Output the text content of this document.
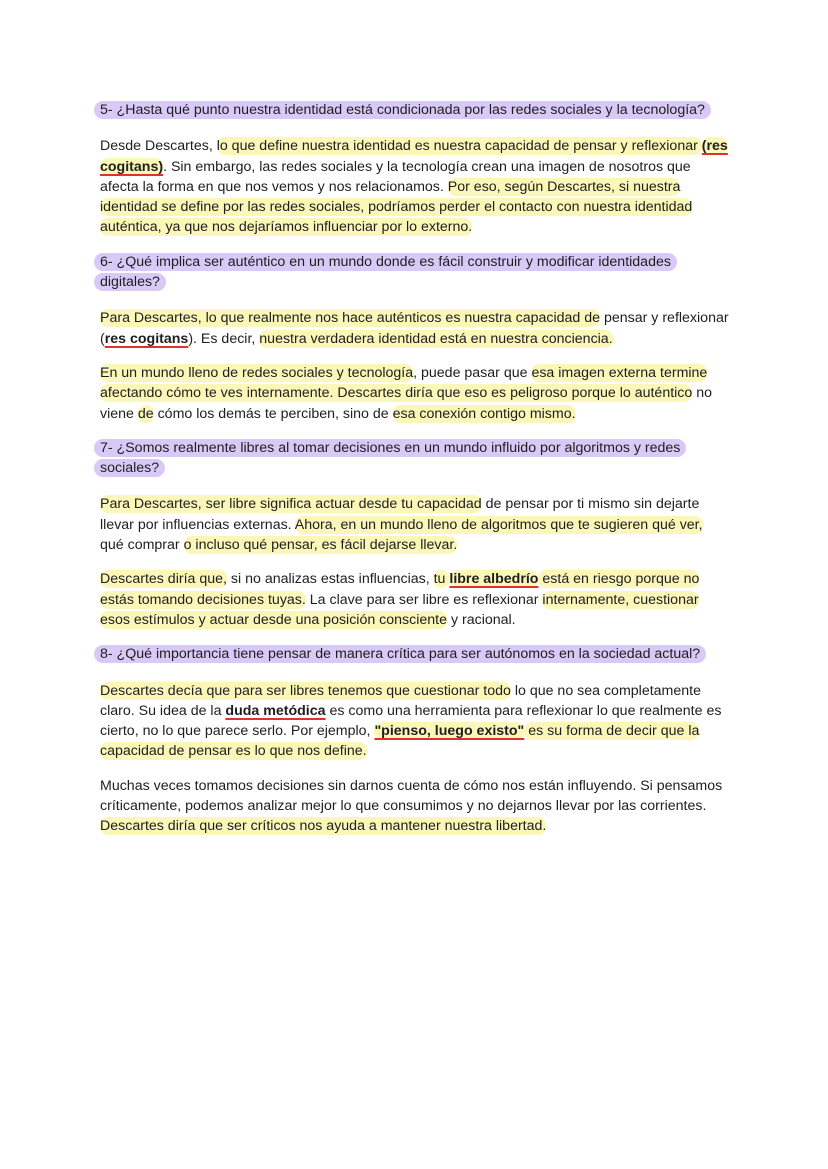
5- ¿Hasta qué punto nuestra identidad está condicionada por las redes sociales y la tecnología?

Desde Descartes, lo que define nuestra identidad es nuestra capacidad de pensar y reflexionar (res cogitans). Sin embargo, las redes sociales y la tecnología crean una imagen de nosotros que afecta la forma en que nos vemos y nos relacionamos. Por eso, según Descartes, si nuestra identidad se define por las redes sociales, podríamos perder el contacto con nuestra identidad auténtica, ya que nos dejaríamos influenciar por lo externo.

6- ¿Qué implica ser auténtico en un mundo donde es fácil construir y modificar identidades digitales?

Para Descartes, lo que realmente nos hace auténticos es nuestra capacidad de pensar y reflexionar (res cogitans). Es decir, nuestra verdadera identidad está en nuestra conciencia.

En un mundo lleno de redes sociales y tecnología, puede pasar que esa imagen externa termine afectando cómo te ves internamente. Descartes diría que eso es peligroso porque lo auténtico no viene de cómo los demás te perciben, sino de esa conexión contigo mismo.

7- ¿Somos realmente libres al tomar decisiones en un mundo influido por algoritmos y redes sociales?

Para Descartes, ser libre significa actuar desde tu capacidad de pensar por ti mismo sin dejarte llevar por influencias externas. Ahora, en un mundo lleno de algoritmos que te sugieren qué ver, qué comprar o incluso qué pensar, es fácil dejarse llevar.

Descartes diría que, si no analizas estas influencias, tu libre albedrío está en riesgo porque no estás tomando decisiones tuyas. La clave para ser libre es reflexionar internamente, cuestionar esos estímulos y actuar desde una posición consciente y racional.

8- ¿Qué importancia tiene pensar de manera crítica para ser autónomos en la sociedad actual?

Descartes decía que para ser libres tenemos que cuestionar todo lo que no sea completamente claro. Su idea de la duda metódica es como una herramienta para reflexionar lo que realmente es cierto, no lo que parece serlo. Por ejemplo, "pienso, luego existo" es su forma de decir que la capacidad de pensar es lo que nos define.

Muchas veces tomamos decisiones sin darnos cuenta de cómo nos están influyendo. Si pensamos críticamente, podemos analizar mejor lo que consumimos y no dejarnos llevar por las corrientes. Descartes diría que ser críticos nos ayuda a mantener nuestra libertad.
